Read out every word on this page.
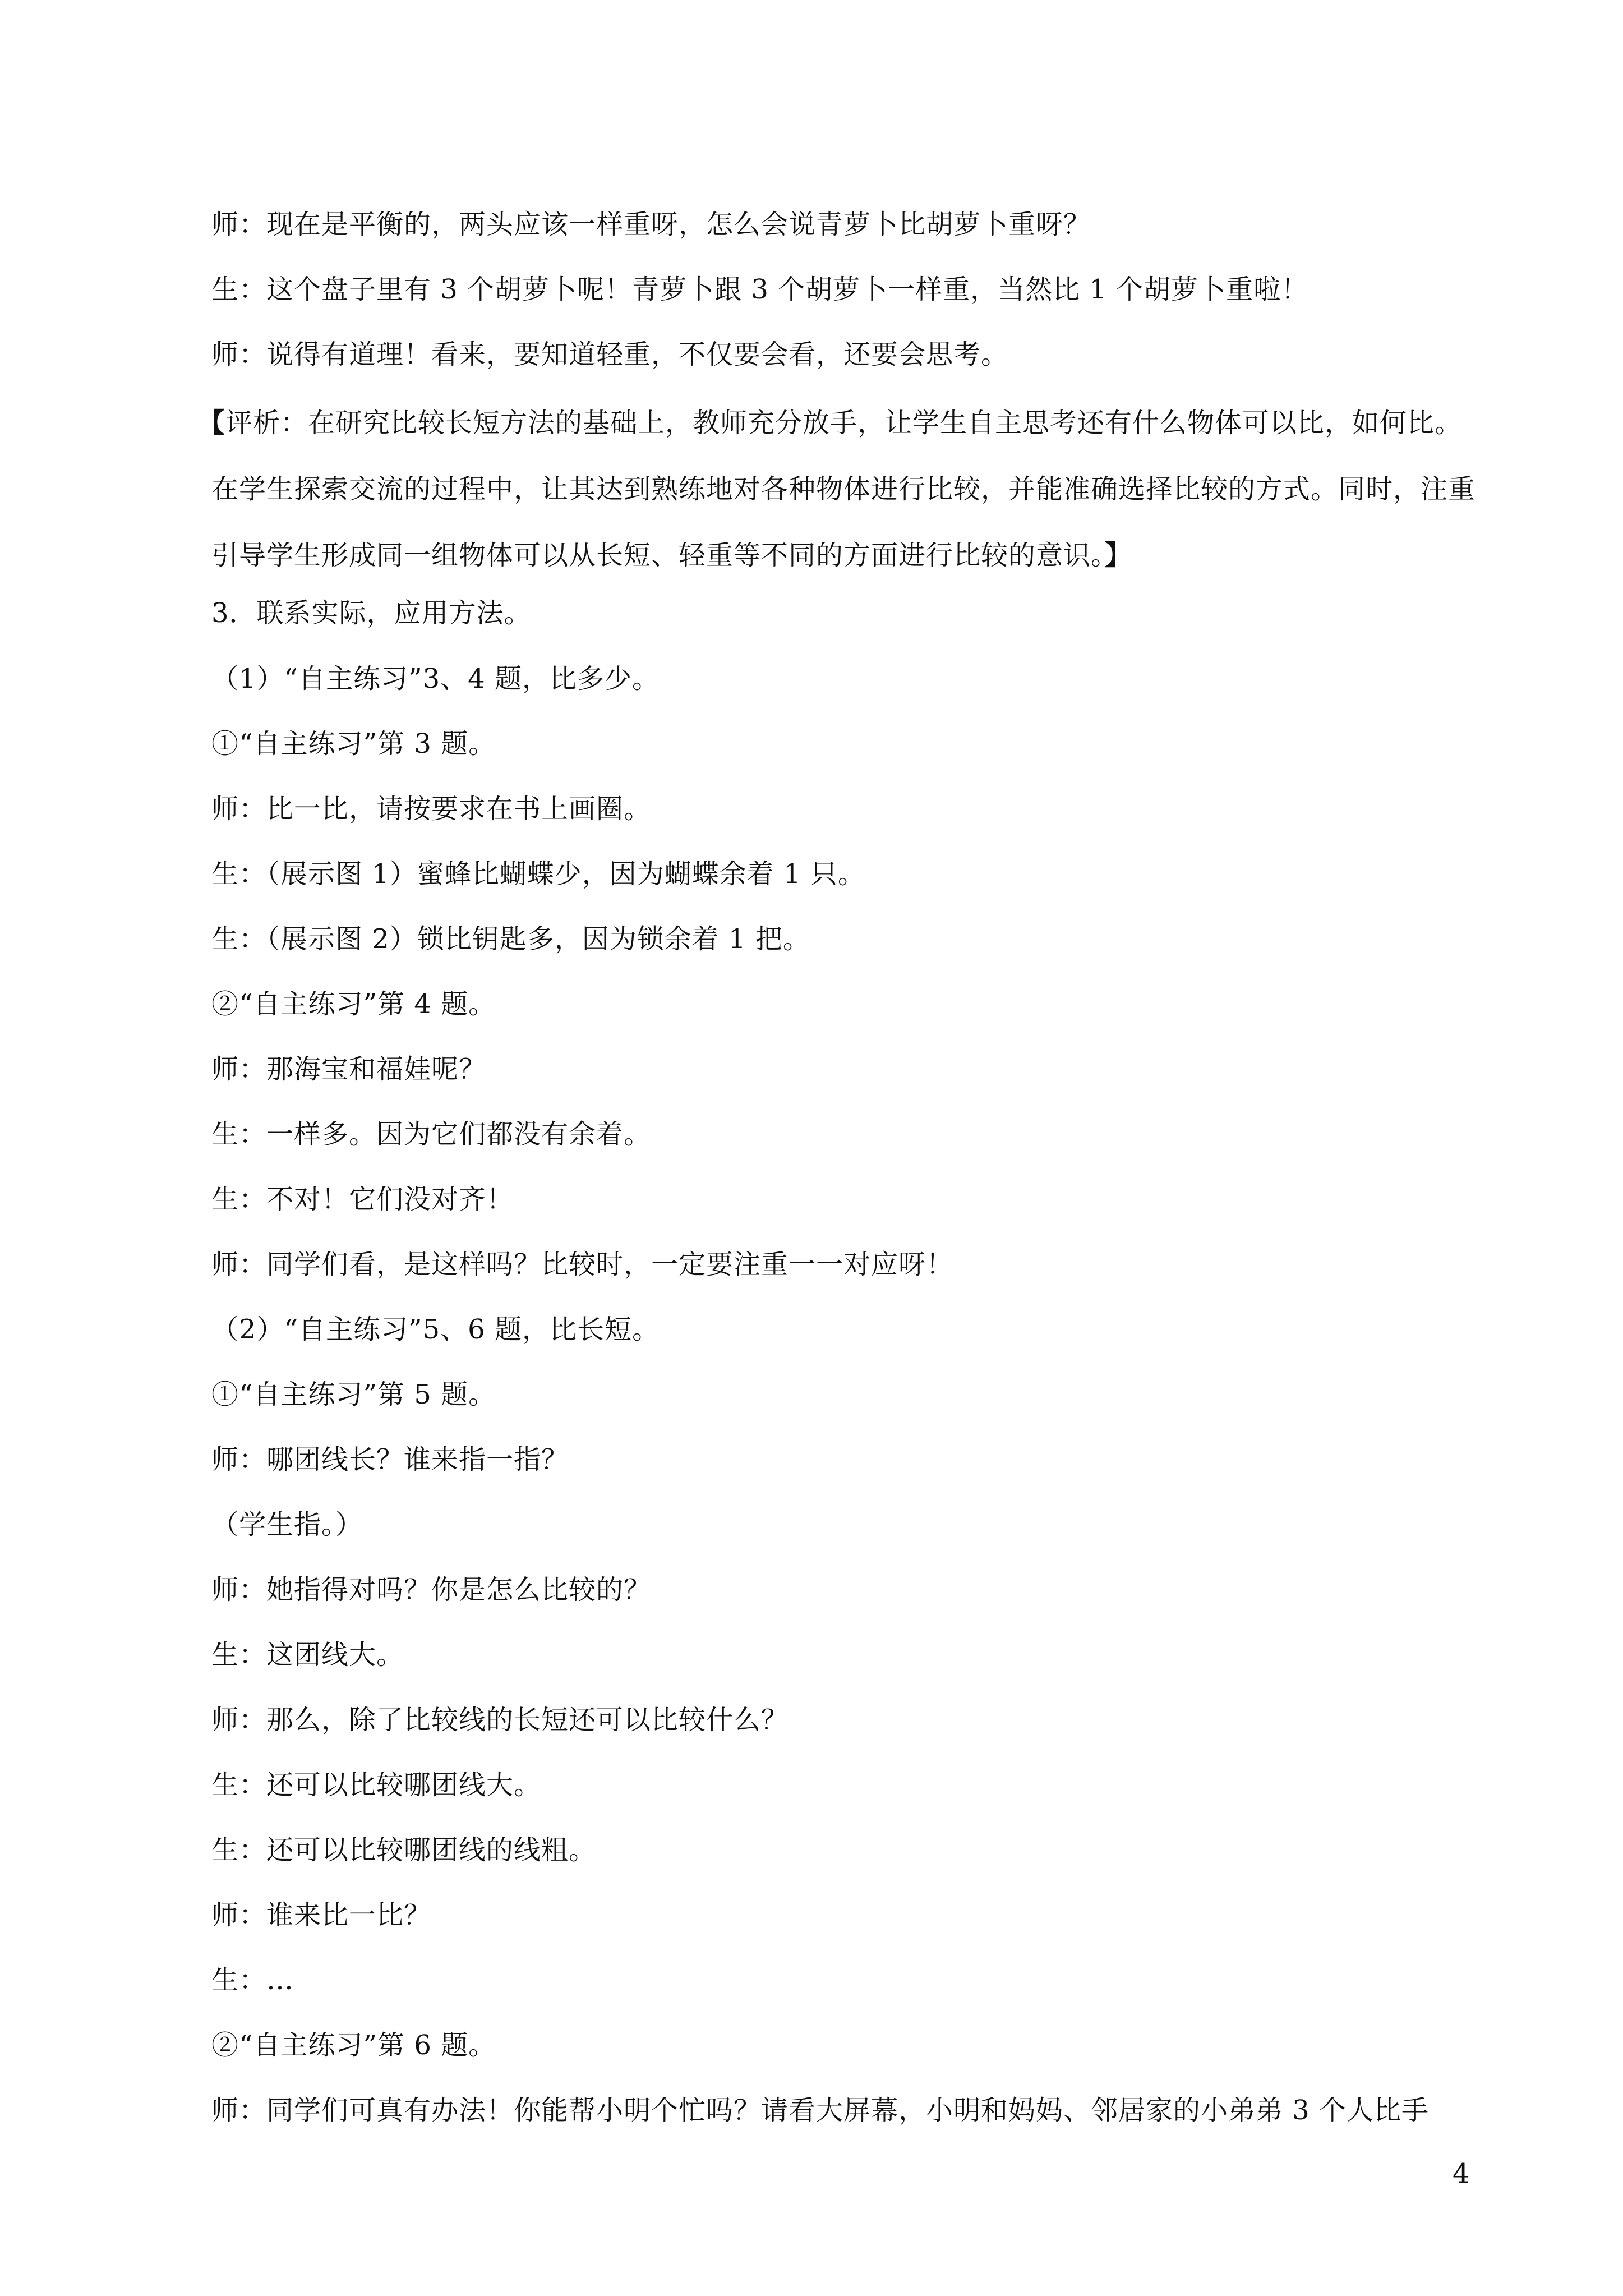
师：现在是平衡的，两头应该一样重呀，怎么会说青萝卜比胡萝卜重呀？
生：这个盘子里有 3 个胡萝卜呢！青萝卜跟 3 个胡萝卜一样重，当然比 1 个胡萝卜重啦！
师：说得有道理！看来，要知道轻重，不仅要会看，还要会思考。
【评析：在研究比较长短方法的基础上，教师充分放手，让学生自主思考还有什么物体可以比，如何比。在学生探索交流的过程中，让其达到熟练地对各种物体进行比较，并能准确选择比较的方式。同时，注重引导学生形成同一组物体可以从长短、轻重等不同的方面进行比较的意识。】
3．联系实际，应用方法。
（1）“自主练习”3、4 题，比多少。
①“自主练习”第 3 题。
师：比一比，请按要求在书上画圈。
生：（展示图 1）蜜蜂比蝴蝶少，因为蝴蝶余着 1 只。
生：（展示图 2）锁比钥匙多，因为锁余着 1 把。
②“自主练习”第 4 题。
师：那海宝和福娃呢？
生：一样多。因为它们都没有余着。
生：不对！它们没对齐！
师：同学们看，是这样吗？比较时，一定要注重一一对应呀！
（2）“自主练习”5、6 题，比长短。
①“自主练习”第 5 题。
师：哪团线长？谁来指一指？
（学生指。）
师：她指得对吗？你是怎么比较的？
生：这团线大。
师：那么，除了比较线的长短还可以比较什么？
生：还可以比较哪团线大。
生：还可以比较哪团线的线粗。
师：谁来比一比？
生：…
②“自主练习”第 6 题。
师：同学们可真有办法！你能帮小明个忙吗？请看大屏幕，小明和妈妈、邻居家的小弟弟 3 个人比手
4
